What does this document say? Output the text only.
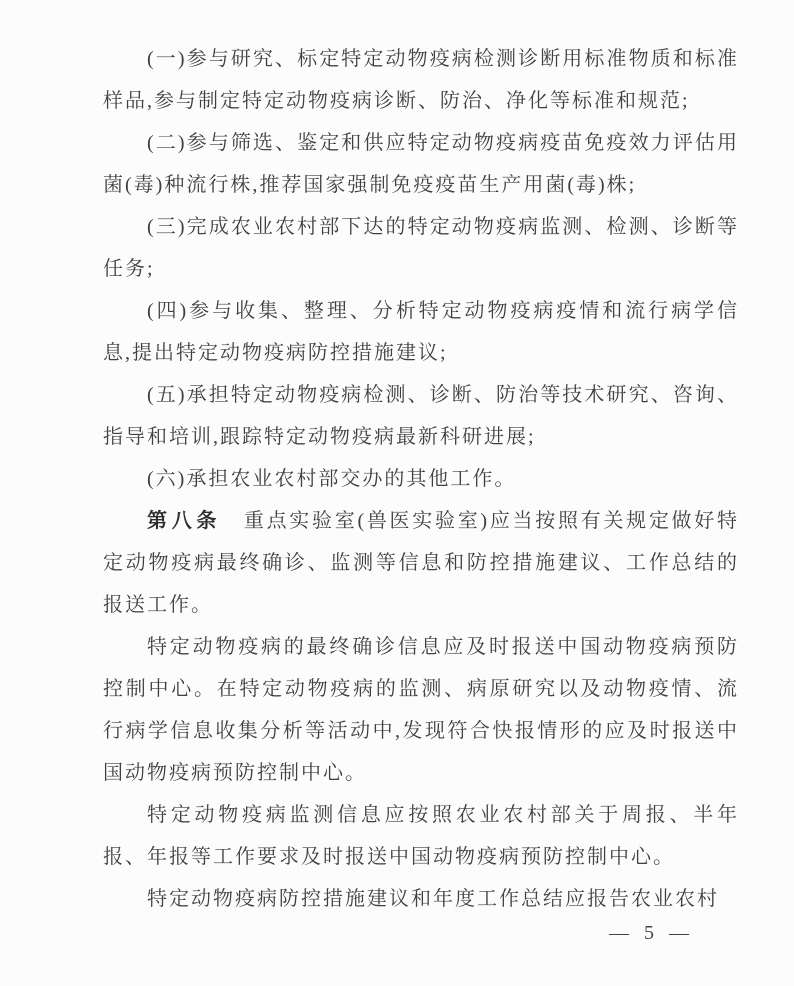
(一)参与研究、标定特定动物疫病检测诊断用标准物质和标准样品,参与制定特定动物疫病诊断、防治、净化等标准和规范;

(二)参与筛选、鉴定和供应特定动物疫病疫苗免疫效力评估用菌(毒)种流行株,推荐国家强制免疫疫苗生产用菌(毒)株;

(三)完成农业农村部下达的特定动物疫病监测、检测、诊断等任务;

(四)参与收集、整理、分析特定动物疫病疫情和流行病学信息,提出特定动物疫病防控措施建议;

(五)承担特定动物疫病检测、诊断、防治等技术研究、咨询、指导和培训,跟踪特定动物疫病最新科研进展;

(六)承担农业农村部交办的其他工作。

第八条　 重点实验室(兽医实验室)应当按照有关规定做好特定动物疫病最终确诊、监测等信息和防控措施建议、工作总结的报送工作。

特定动物疫病的最终确诊信息应及时报送中国动物疫病预防控制中心。在特定动物疫病的监测、病原研究以及动物疫情、流行病学信息收集分析等活动中,发现符合快报情形的应及时报送中国动物疫病预防控制中心。

特定动物疫病监测信息应按照农业农村部关于周报、半年报、年报等工作要求及时报送中国动物疫病预防控制中心。

特定动物疫病防控措施建议和年度工作总结应报告农业农村

— 5 —
